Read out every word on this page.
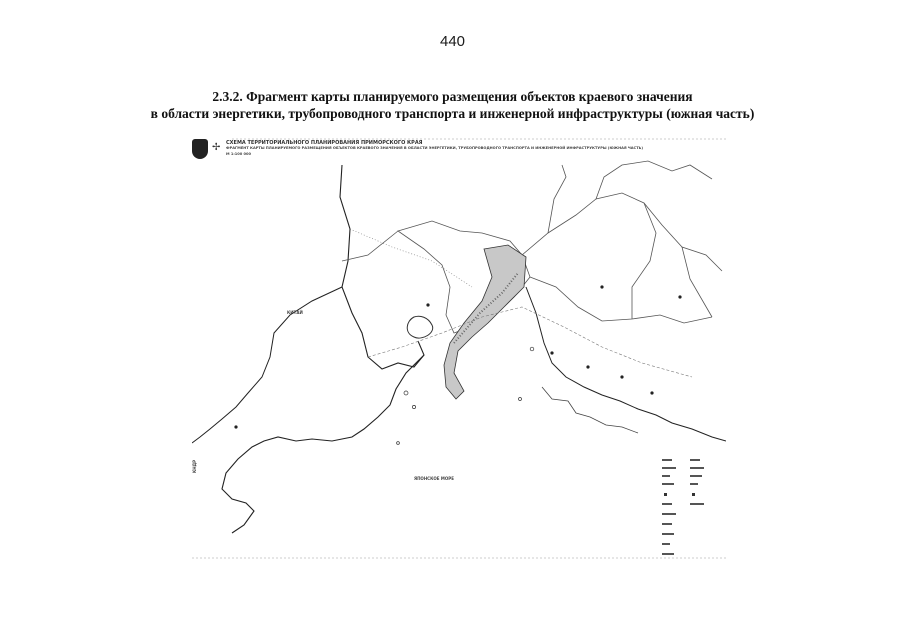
440
2.3.2. Фрагмент карты планируемого размещения объектов краевого значения
в области энергетики, трубопроводного транспорта и инженерной инфраструктуры (южная часть)
✢ СХЕМА ТЕРРИТОРИАЛЬНОГО ПЛАНИРОВАНИЯ ПРИМОРСКОГО КРАЯ
ФРАГМЕНТ КАРТЫ ПЛАНИРУЕМОГО РАЗМЕЩЕНИЯ ОБЪЕКТОВ КРАЕВОГО ЗНАЧЕНИЯ В ОБЛАСТИ ЭНЕРГЕТИКИ, ТРУБОПРОВОДНОГО ТРАНСПОРТА И ИНЖЕНЕРНОЙ ИНФРАСТРУКТУРЫ (ЮЖНАЯ ЧАСТЬ)
М 1:100 000
КИТАЙ
ЯПОНСКОЕ МОРЕ
КНДР
